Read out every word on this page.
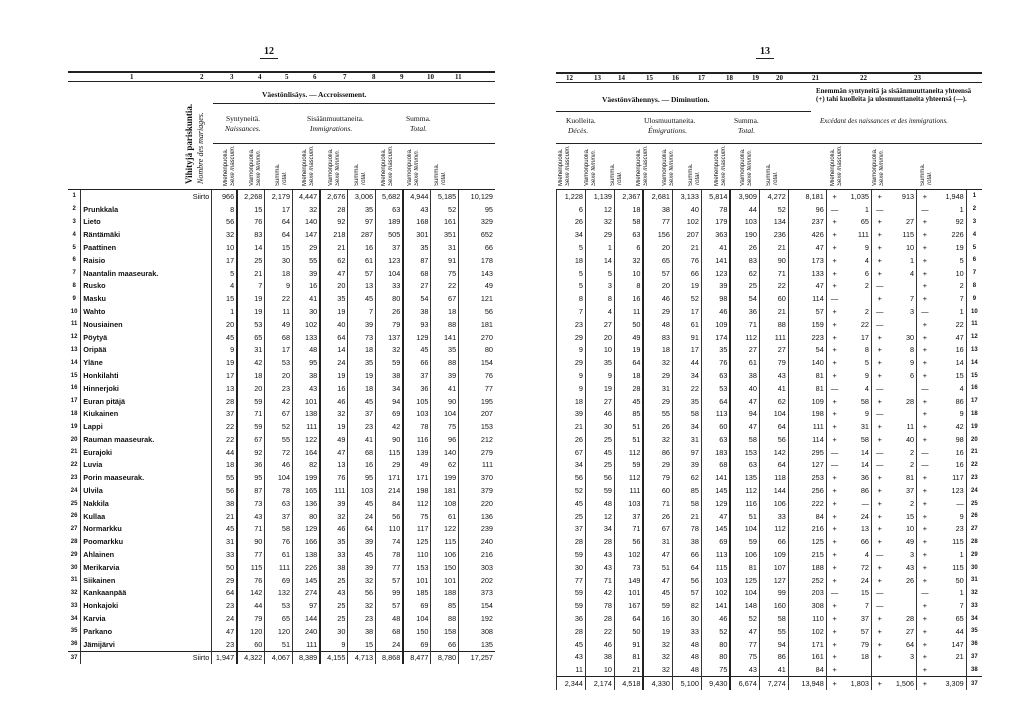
12
1	2	3	4	5	6	7	8	9	10	11
Vihityjä pariskuntia. Nombre des mariages.
Väestönlisäys. — Accroissement.
Syntyneitä.
Naissances.
Sisäänmuuttaneita.
Immigrations.
Summa.
Total.
Miehenpuolia. Sexe masculin. Vaimonpuolia. Sexe féminin. Summa. Total. Miehenpuolia. Sexe masculin. Vaimonpuolia. Sexe féminin. Summa. Total. Miehenpuolia. Sexe masculin. Vaimonpuolia. Sexe féminin. Summa. Total.
1	Siirto	966	2,268	2,179	4,447	2,676	3,006	5,682	4,944	5,185	10,129
2	Prunkkala	8	15	17	32	28	35	63	43	52	95
3	Lieto	56	76	64	140	92	97	189	168	161	329
4	Räntämäki	32	83	64	147	218	287	505	301	351	652
5	Paattinen	10	14	15	29	21	16	37	35	31	66
6	Raisio	17	25	30	55	62	61	123	87	91	178
7	Naantalin maaseurak.	5	21	18	39	47	57	104	68	75	143
8	Rusko	4	7	9	16	20	13	33	27	22	49
9	Masku	15	19	22	41	35	45	80	54	67	121
10	Wahto	1	19	11	30	19	7	26	38	18	56
11	Nousiainen	20	53	49	102	40	39	79	93	88	181
12	Pöytyä	45	65	68	133	64	73	137	129	141	270
13	Oripää	9	31	17	48	14	18	32	45	35	80
14	Yläne	19	42	53	95	24	35	59	66	88	154
15	Honkilahti	17	18	20	38	19	19	38	37	39	76
16	Hinnerjoki	13	20	23	43	16	18	34	36	41	77
17	Euran pitäjä	28	59	42	101	46	45	94	105	90	195
18	Kiukainen	37	71	67	138	32	37	69	103	104	207
19	Lappi	22	59	52	111	19	23	42	78	75	153
20	Rauman maaseurak.	22	67	55	122	49	41	90	116	96	212
21	Eurajoki	44	92	72	164	47	68	115	139	140	279
22	Luvia	18	36	46	82	13	16	29	49	62	111
23	Porin maaseurak.	55	95	104	199	76	95	171	171	199	370
24	Ulvila	56	87	78	165	111	103	214	198	181	379
25	Nakkila	38	73	63	136	39	45	84	112	108	220
26	Kullaa	21	43	37	80	32	24	56	75	61	136
27	Normarkku	45	71	58	129	46	64	110	117	122	239
28	Poomarkku	31	90	76	166	35	39	74	125	115	240
29	Ahlainen	33	77	61	138	33	45	78	110	106	216
30	Merikarvia	50	115	111	226	38	39	77	153	150	303
31	Siikainen	29	76	69	145	25	32	57	101	101	202
32	Kankaanpää	64	142	132	274	43	56	99	185	188	373
33	Honkajoki	23	44	53	97	25	32	57	69	85	154
34	Karvia	24	79	65	144	25	23	48	104	88	192
35	Parkano	47	120	120	240	30	38	68	150	158	308
36	Jämijärvi	23	60	51	111	9	15	24	69	66	135
37	Siirto	1,947	4,322	4,067	8,389	4,155	4,713	8,868	8,477	8,780	17,257
13
12	13 14	15	16	17	18	19 20	21	22	23
Väestönvähennys. — Diminution.
Kuolleita.
Décès.
Ulosmuuttaneita.
Émigrations.
Summa.
Total.
Enemmän syntyneitä ja sisäänmuuttaneita yhteensä (+) tahi kuolleita ja ulosmuuttaneita yhteensä (—).
Excédant des naissances et des immigrations.
Miehenpuolia. Sexe masculin. Vaimonpuolia. Sexe féminin. Summa. Total. Miehenpuolia. Sexe masculin. Vaimonpuolia. Sexe féminin. Summa. Total. Miehenpuolia. Sexe masculin. Vaimonpuolia. Sexe féminin. Summa. Total.	Miehenpuolia. Sexe masculin.	Vaimonpuolia. Sexe féminin.	Summa. Total.
1,228	1,139	2,367	2,681	3,133	5,814	3,909	4,272	8,181	+	1,035	+	913	+	1,948	1
6	12	18	38	40	78	44	52	96	—	1	—		—	1	2
26	32	58	77	102	179	103	134	237	+	65	+	27	+	92	3
34	29	63	156	207	363	190	236	426	+	111	+	115	+	226	4
5	1	6	20	21	41	26	21	47	+	9	+	10	+	19	5
18	14	32	65	76	141	83	90	173	+	4	+	1	+	5	6
5	5	10	57	66	123	62	71	133	+	6	+	4	+	10	7
5	3	8	20	19	39	25	22	47	+	2	—		+	2	8
8	8	16	46	52	98	54	60	114	—		+	7	+	7	9
7	4	11	29	17	46	36	21	57	+	2	—	3	—	1	10
23	27	50	48	61	109	71	88	159	+	22	—		+	22	11
29	20	49	83	91	174	112	111	223	+	17	+	30	+	47	12
9	10	19	18	17	35	27	27	54	+	8	+	8	+	16	13
29	35	64	32	44	76	61	79	140	+	5	+	9	+	14	14
9	9	18	29	34	63	38	43	81	+	9	+	6	+	15	15
9	19	28	31	22	53	40	41	81	—	4	—		—	4	16
18	27	45	29	35	64	47	62	109	+	58	+	28	+	86	17
39	46	85	55	58	113	94	104	198	+	9	—		+	9	18
21	30	51	26	34	60	47	64	111	+	31	+	11	+	42	19
26	25	51	32	31	63	58	56	114	+	58	+	40	+	98	20
67	45	112	86	97	183	153	142	295	—	14	—	2	—	16	21
34	25	59	29	39	68	63	64	127	—	14	—	2	—	16	22
56	56	112	79	62	141	135	118	253	+	36	+	81	+	117	23
52	59	111	60	85	145	112	144	256	+	86	+	37	+	123	24
45	48	103	71	58	129	116	106	222	+	—	+	2	+	—	25
25	12	37	26	21	47	51	33	84	+	24	+	15	+	9	26
37	34	71	67	78	145	104	112	216	+	13	+	10	+	23	27
28	28	56	31	38	69	59	66	125	+	66	+	49	+	115	28
59	43	102	47	66	113	106	109	215	+	4	—	3	+	1	29
30	43	73	51	64	115	81	107	188	+	72	+	43	+	115	30
77	71	149	47	56	103	125	127	252	+	24	+	26	+	50	31
59	42	101	45	57	102	104	99	203	—	15	—		—	1	32
59	78	167	59	82	141	148	160	308	+	7	—		+	7	33
36	28	64	16	30	46	52	58	110	+	37	+	28	+	65	34
28	22	50	19	33	52	47	55	102	+	57	+	27	+	44	35
45	46	91	32	48	80	77	94	171	+	79	+	64	+	147	36
43	38	81	32	48	80	75	86	161	+	18	+	3	+	21	37
11	10	21	32	48	75	43	41	84	+				+		38
2,344	2,174	4,518	4,330	5,100	9,430	6,674	7,274	13,948	+	1,803	+	1,506	+	3,309	37
